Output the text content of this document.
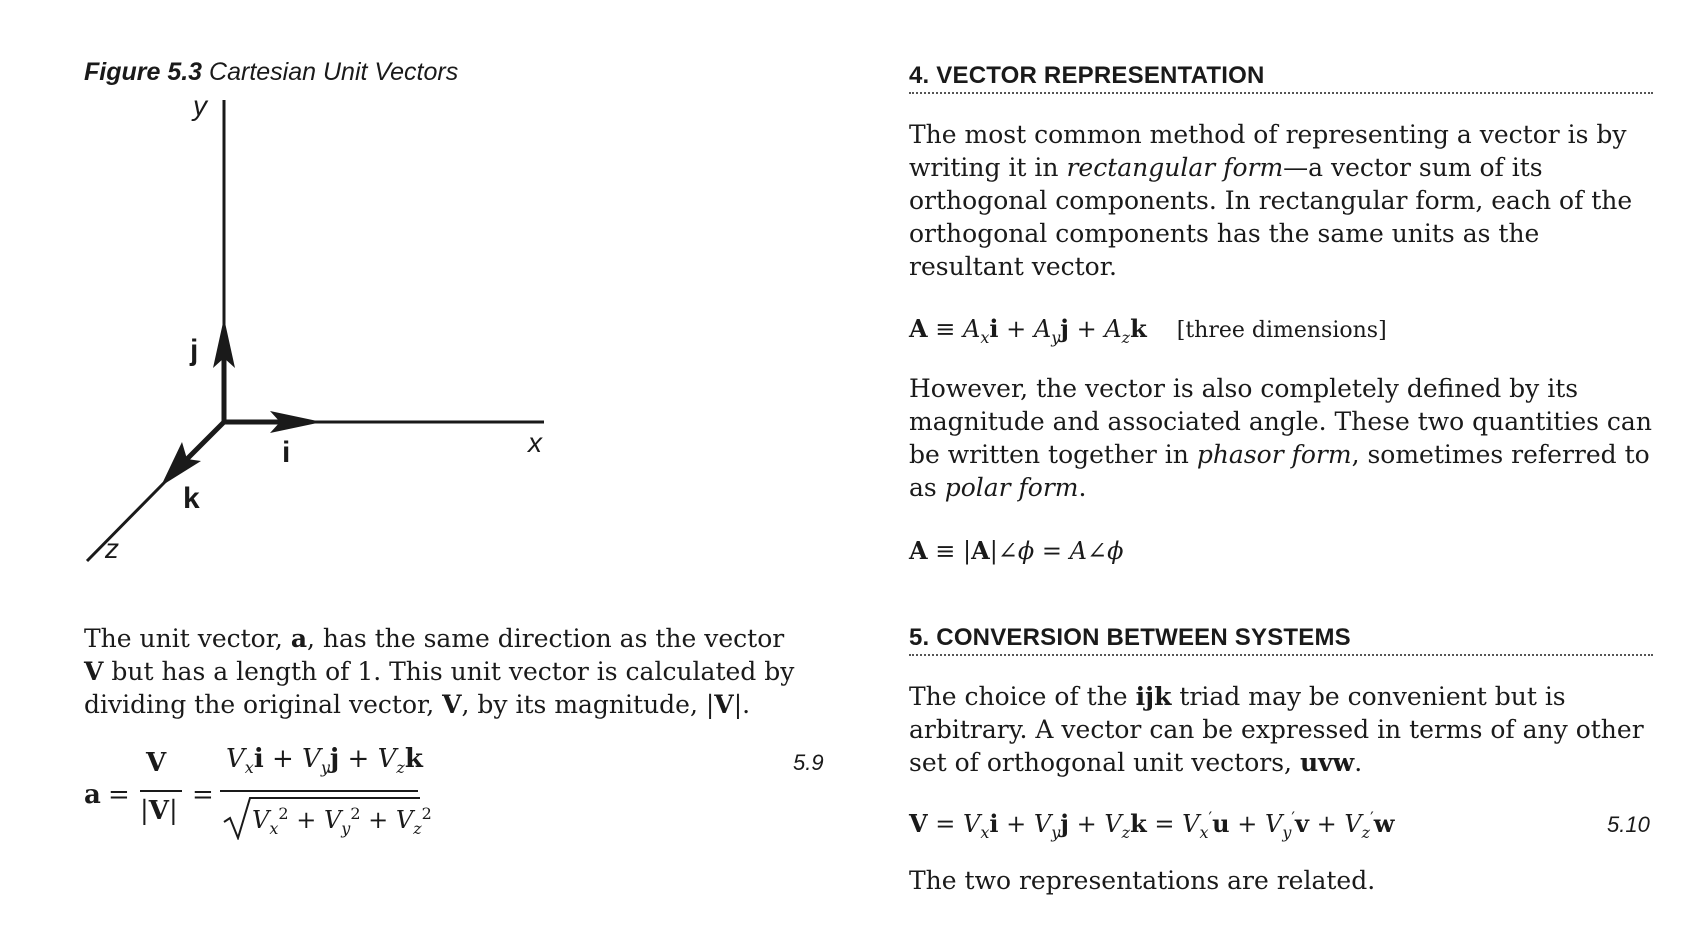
Figure 5.3 Cartesian Unit Vectors
y
x
z
j
i
k
The unit vector, a, has the same direction as the vector V but has a length of 1. This unit vector is calculated by dividing the original vector, V, by its magnitude, |V|.
a =
V
|V|
=
$V_xi + V_yj + V_zk$
$V_x^2 + V_y^2 + V_z^2$
5.9
4. VECTOR REPRESENTATION
The most common method of representing a vector is by writing it in rectangular form—a vector sum of its orthogonal components. In rectangular form, each of the orthogonal components has the same units as the resultant vector.
$A \equiv A_xi + A_yj + A_zk$ [three dimensions]
However, the vector is also completely defined by its magnitude and associated angle. These two quantities can be written together in phasor form, sometimes referred to as polar form.
A ≡ |A|∠ϕ = A∠ϕ
5. CONVERSION BETWEEN SYSTEMS
The choice of the ijk triad may be convenient but is arbitrary. A vector can be expressed in terms of any other set of orthogonal unit vectors, uvw.
$V = V_xi + V_yj + V_zk = V_x'u + V_y'v + V_z'w$	5.10
The two representations are related.
